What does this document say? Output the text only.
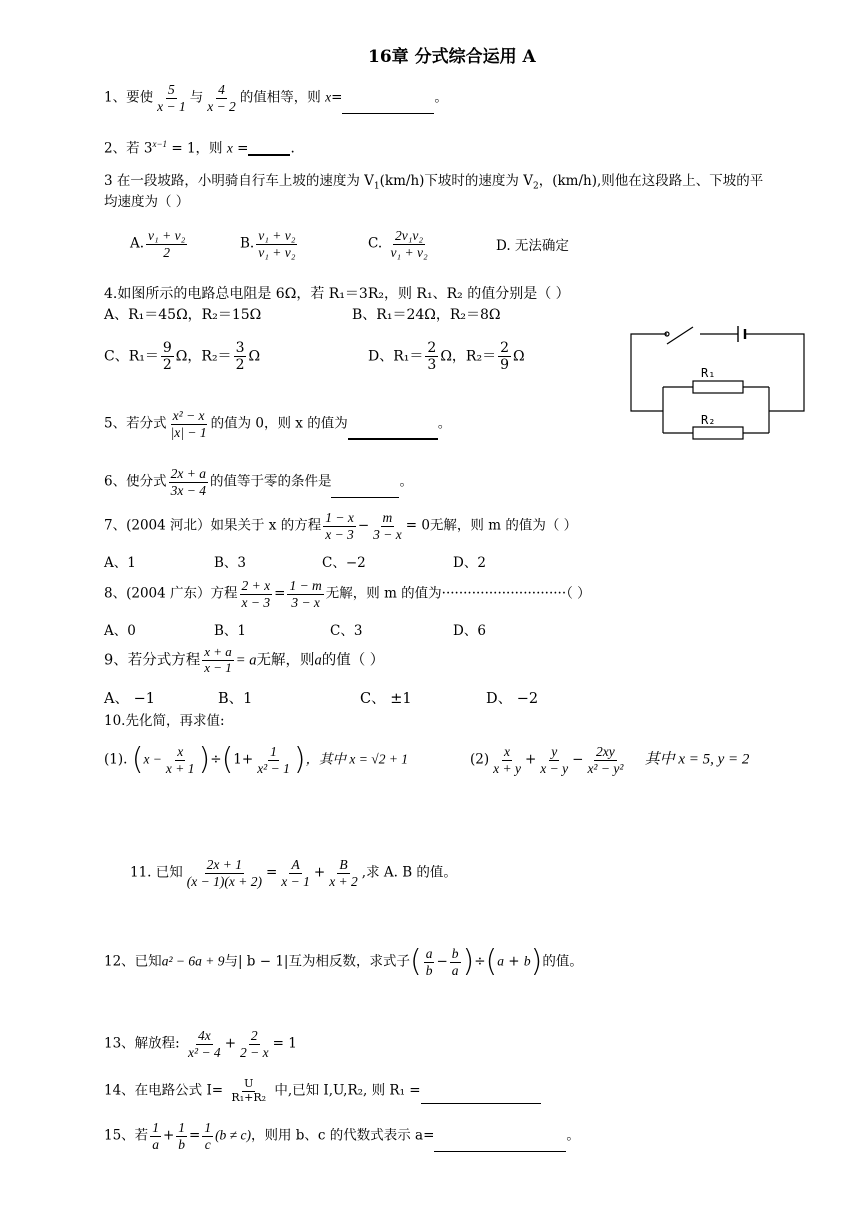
16章 分式综合运用 A
1、要使 $\frac{5}{x - 1}$ 与 $\frac{4}{x - 2}$ 的值相等，则 x=	。
2、若 $3^{x-1} = 1$，则 x =	.
3 在一段坡路，小明骑自行车上坡的速度为 $V_1(km/h)$下坡时的速度为 $V_2$，(km/h),则他在这段路上、下坡的平
均速度为（ ）
A. $\frac{\text{v₁ + v₂}}{2}$	B. $\frac{\text{v₁ + v₂}}{\text{v₁ + v₂}}$	C. $\frac{\text{2v₁v₂}}{\text{v₁ + v₂}}$	D. 无法确定
4.如图所示的电路总电阻是 6Ω，若 R₁＝3R₂，则 R₁、R₂ 的值分别是（ ）
A、R₁＝45Ω，R₂＝15Ω	B、R₁＝24Ω，R₂＝8Ω
C、$R_1= \frac{9}{2}$ Ω，$R_2= \frac{3}{2}$ Ω	D、$R_1= \frac{2}{3}$ Ω，$R_2= \frac{2}{9}$ Ω
R₁
R₂
5、若分式 $\frac{\text{x² − x}}{|x| - 1}$ 的值为 0，则 x 的值为	。
6、使分式 $\frac{2x + a}{3x - 4}$ 的值等于零的条件是	。
7、(2004 河北）如果关于 x 的方程 $\frac{1 - x}{x - 3} - \frac{m}{3 - x} = 0$无解，则 m 的值为（ ）
A、1	B、3	C、−2	D、2
8、(2004 广东）方程 $\frac{2 + x}{x - 3} = \frac{1 - m}{3 - x}$ 无解，则 m 的值为·····························（ ）
A、0	B、1	C、3	D、6
9、若分式方程 $\frac{x + a}{x - 1} = a$无解，则a的值（ ）
A、 −1	B、1	C、 ±1	D、 −2
10.先化简，再求值:
(1). $(x - \frac{x}{x + 1} )\div(1+ \frac{1}{\text{x² − 1}}$ )，其中 x = √2 + 1	$(2) \frac{x}{x + y} + \frac{y}{x - y} - \frac{2xy}{\text{x² − y²}}$ 其中 x = 5, y = 2
11. 已知 $\frac{2x + 1}{(x - 1)(x + 2)} = \frac{A}{x - 1} + \frac{B}{x + 2}$ ,求 A. B 的值。
12、已知a² − 6a + 9与| b − 1|互为相反数，求式子( $\frac{a}{b} - \frac{b}{a} )\div(a + b)$的值。
13、解放程: $\frac{4x}{\text{x² − 4}} + \frac{2}{2 - x} = 1$
14、在电路公式 $I= \frac{U}{\text{R₁+R₂}}$ 中,已知 I,U,R₂, 则 R₁ =
15、若 $\frac{1}{a} + \frac{1}{b} = \frac{1}{c} (b \ne c)$，则用 b、c 的代数式表示 a=	。
